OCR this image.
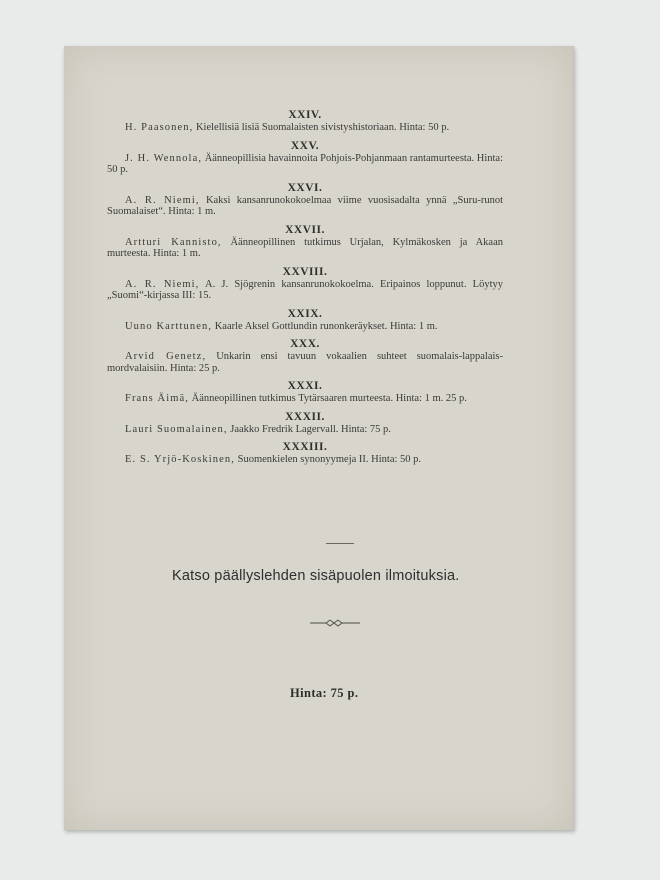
XXIV.
H. Paasonen, Kielellisiä lisiä Suomalaisten sivistyshistoriaan. Hinta: 50 p.
XXV.
J. H. Wennola, Äänneopillisia havainnoita Pohjois-Pohjanmaan rantamurteesta. Hinta: 50 p.
XXVI.
A. R. Niemi, Kaksi kansanrunokokoelmaa viime vuosisadalta ynnä „Suru-runot Suomalaiset“. Hinta: 1 m.
XXVII.
Artturi Kannisto, Äänneopillinen tutkimus Urjalan, Kylmäkosken ja Akaan murteesta. Hinta: 1 m.
XXVIII.
A. R. Niemi, A. J. Sjögrenin kansanrunokokoelma. Eripainos loppunut. Löytyy „Suomi“-kirjassa III: 15.
XXIX.
Uuno Karttunen, Kaarle Aksel Gottlundin runonkeräykset. Hinta: 1 m.
XXX.
Arvid Genetz, Unkarin ensi tavuun vokaalien suhteet suomalais-lappalais-mordvalaisiin. Hinta: 25 p.
XXXI.
Frans Äimä, Äänneopillinen tutkimus Tytärsaaren murteesta. Hinta: 1 m. 25 p.
XXXII.
Lauri Suomalainen, Jaakko Fredrik Lagervall. Hinta: 75 p.
XXXIII.
E. S. Yrjö-Koskinen, Suomenkielen synonyymeja II. Hinta: 50 p.
Katso päällyslehden sisäpuolen ilmoituksia.
Hinta: 75 p.
